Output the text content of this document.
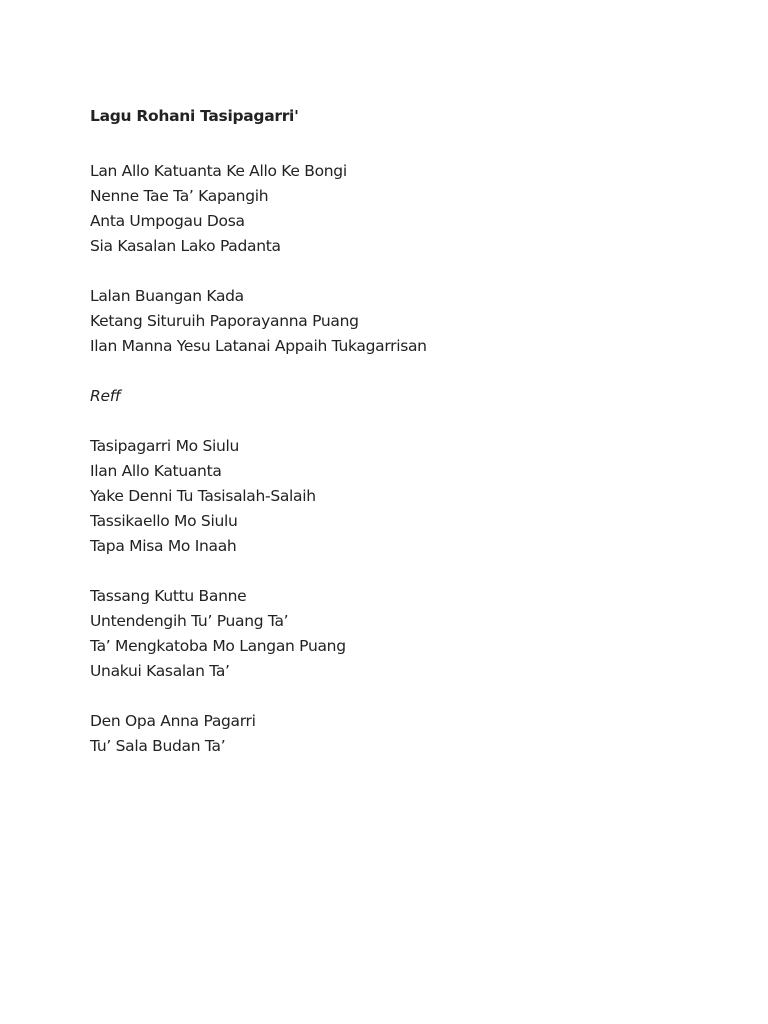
Lagu Rohani Tasipagarri'
Lan Allo Katuanta Ke Allo Ke Bongi
Nenne Tae Ta’ Kapangih
Anta Umpogau Dosa
Sia Kasalan Lako Padanta
Lalan Buangan Kada
Ketang Situruih Paporayanna Puang
Ilan Manna Yesu Latanai Appaih Tukagarrisan
Reff
Tasipagarri Mo Siulu
Ilan Allo Katuanta
Yake Denni Tu Tasisalah-Salaih
Tassikaello Mo Siulu
Tapa Misa Mo Inaah
Tassang Kuttu Banne
Untendengih Tu’ Puang Ta’
Ta’ Mengkatoba Mo Langan Puang
Unakui Kasalan Ta’
Den Opa Anna Pagarri
Tu’ Sala Budan Ta’
